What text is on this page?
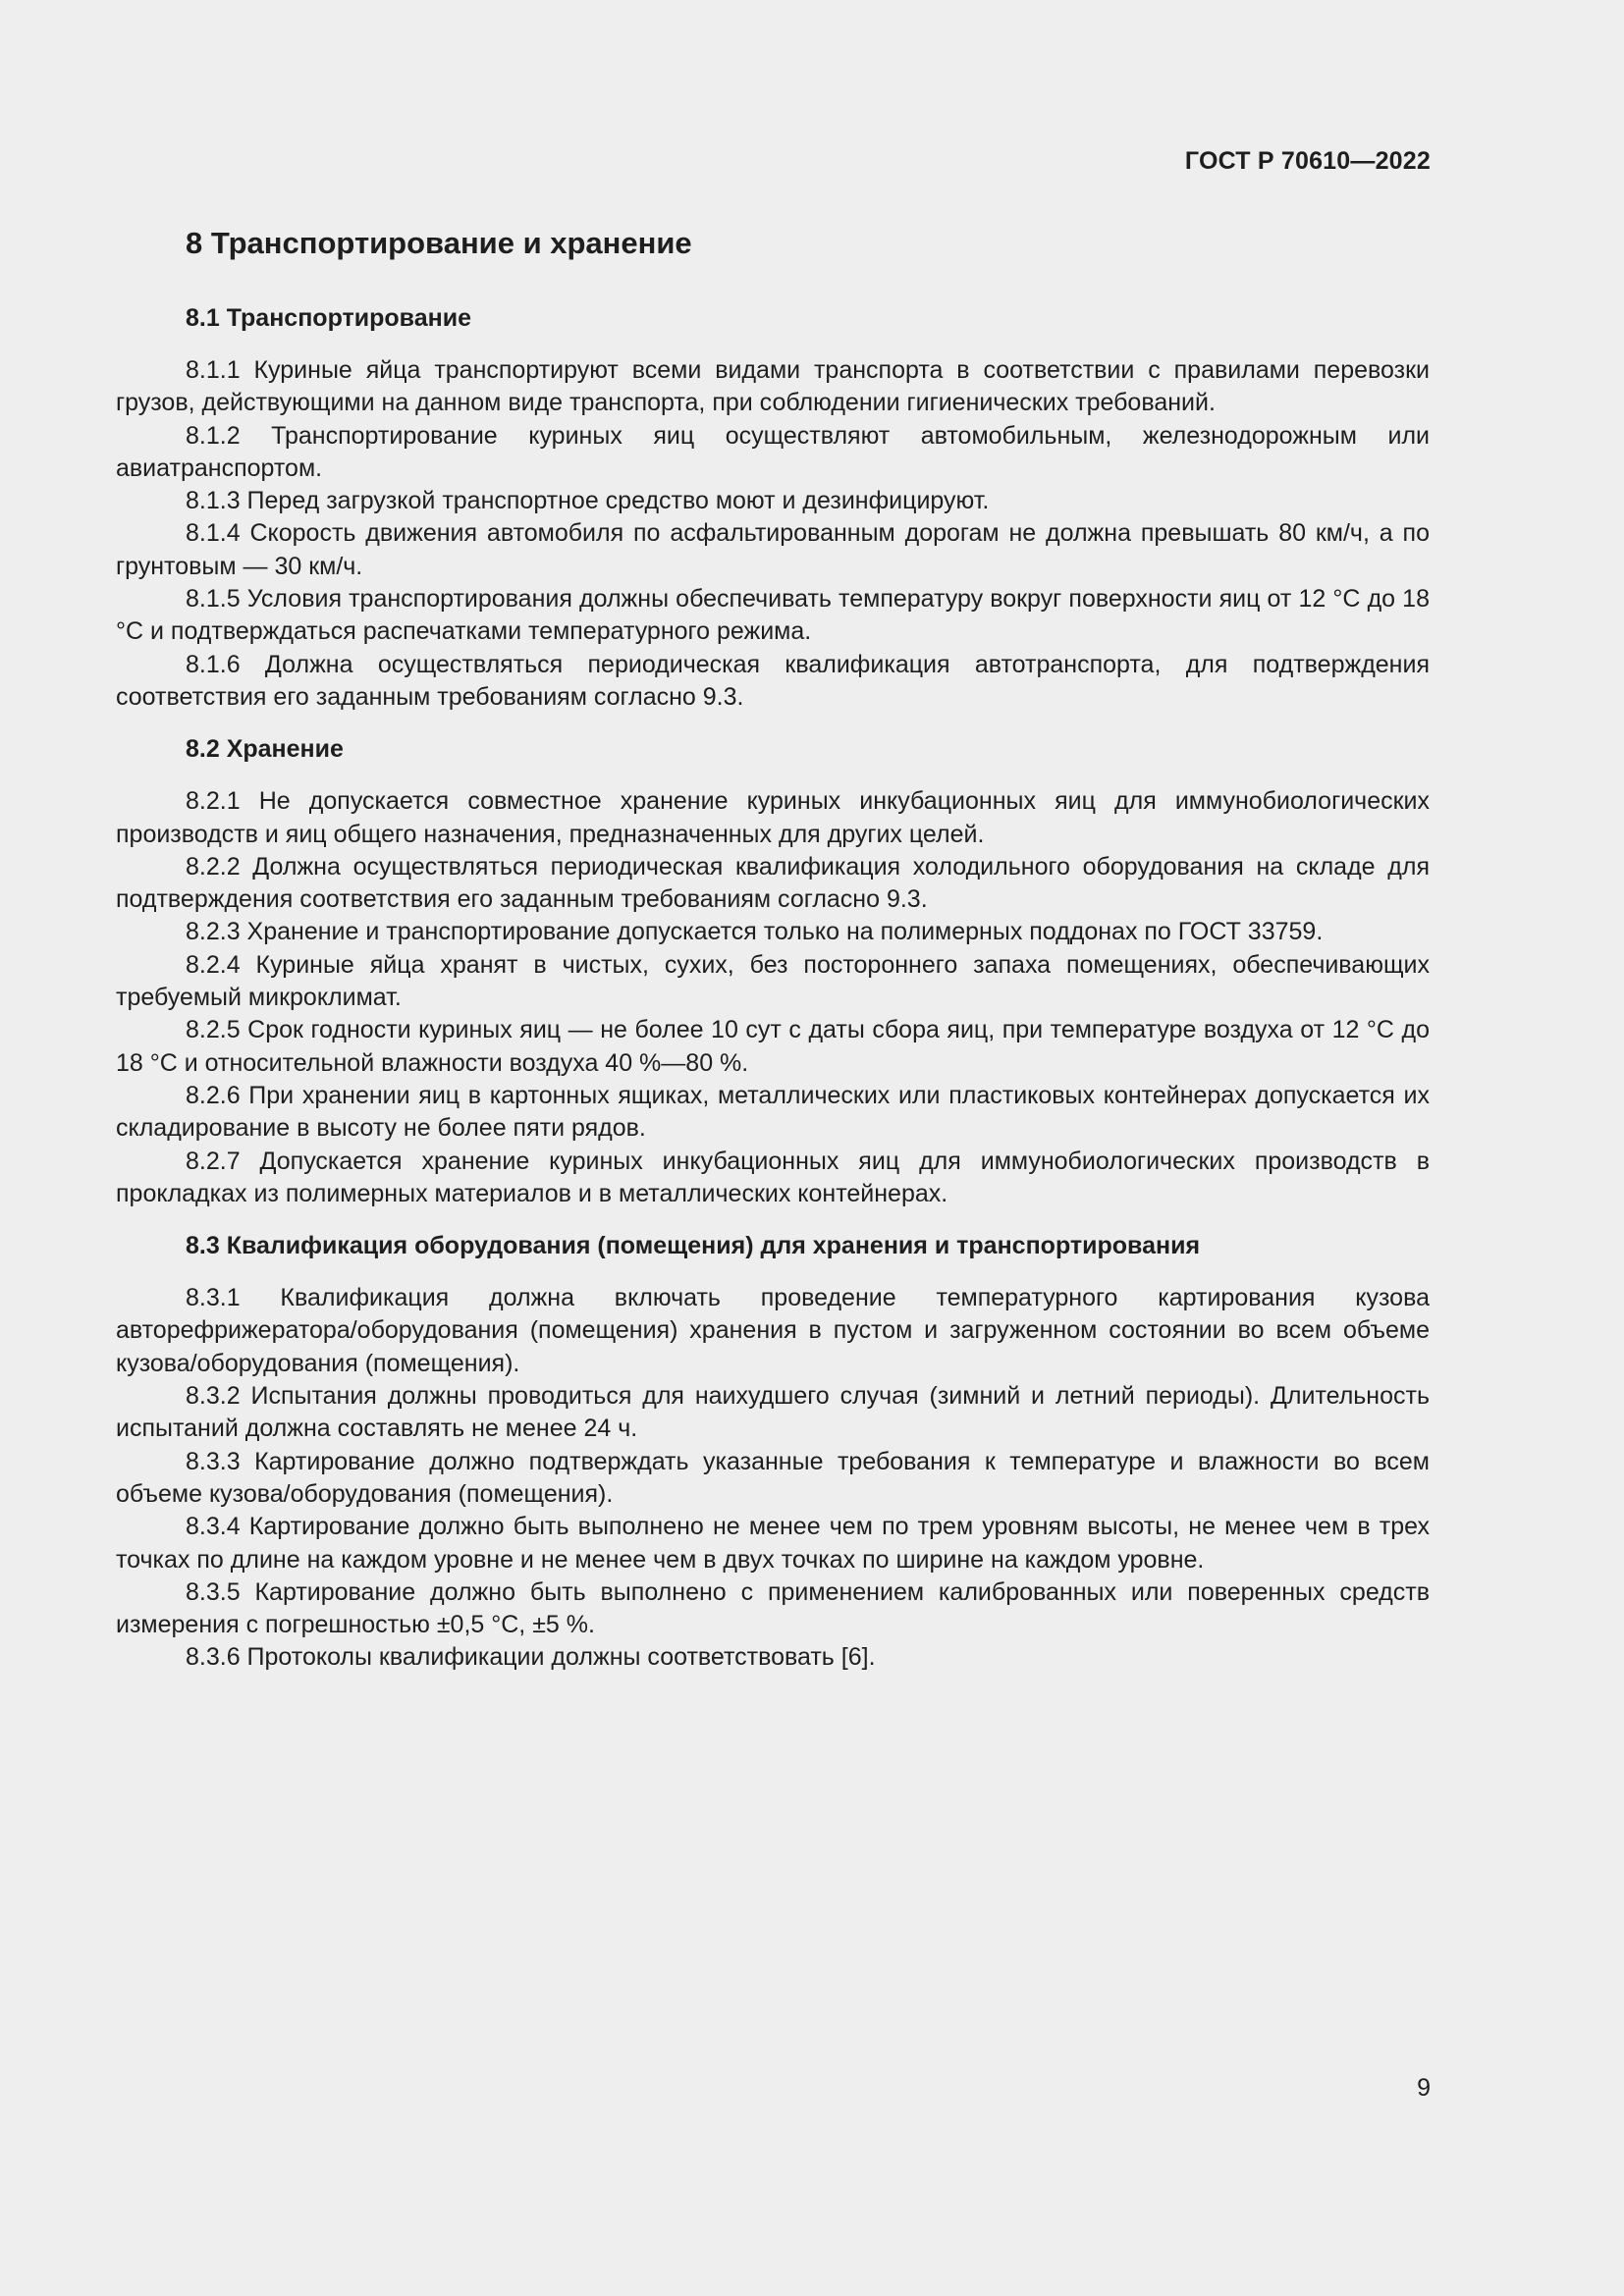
ГОСТ Р 70610—2022
8 Транспортирование и хранение
8.1 Транспортирование

8.1.1 Куриные яйца транспортируют всеми видами транспорта в соответствии с правилами перевозки грузов, действующими на данном виде транспорта, при соблюдении гигиенических требований.

8.1.2 Транспортирование куриных яиц осуществляют автомобильным, железнодорожным или авиатранспортом.

8.1.3 Перед загрузкой транспортное средство моют и дезинфицируют.

8.1.4 Скорость движения автомобиля по асфальтированным дорогам не должна превышать 80 км/ч, а по грунтовым — 30 км/ч.

8.1.5 Условия транспортирования должны обеспечивать температуру вокруг поверхности яиц от 12 °С до 18 °С и подтверждаться распечатками температурного режима.

8.1.6 Должна осуществляться периодическая квалификация автотранспорта, для подтверждения соответствия его заданным требованиям согласно 9.3.

8.2 Хранение

8.2.1 Не допускается совместное хранение куриных инкубационных яиц для иммунобиологических производств и яиц общего назначения, предназначенных для других целей.

8.2.2 Должна осуществляться периодическая квалификация холодильного оборудования на складе для подтверждения соответствия его заданным требованиям согласно 9.3.

8.2.3 Хранение и транспортирование допускается только на полимерных поддонах по ГОСТ 33759.

8.2.4 Куриные яйца хранят в чистых, сухих, без постороннего запаха помещениях, обеспечивающих требуемый микроклимат.

8.2.5 Срок годности куриных яиц — не более 10 сут с даты сбора яиц, при температуре воздуха от 12 °С до 18 °С и относительной влажности воздуха 40 %—80 %.

8.2.6 При хранении яиц в картонных ящиках, металлических или пластиковых контейнерах допускается их складирование в высоту не более пяти рядов.

8.2.7 Допускается хранение куриных инкубационных яиц для иммунобиологических производств в прокладках из полимерных материалов и в металлических контейнерах.

8.3 Квалификация оборудования (помещения) для хранения и транспортирования

8.3.1 Квалификация должна включать проведение температурного картирования кузова авторефрижератора/оборудования (помещения) хранения в пустом и загруженном состоянии во всем объеме кузова/оборудования (помещения).

8.3.2 Испытания должны проводиться для наихудшего случая (зимний и летний периоды). Длительность испытаний должна составлять не менее 24 ч.

8.3.3 Картирование должно подтверждать указанные требования к температуре и влажности во всем объеме кузова/оборудования (помещения).

8.3.4 Картирование должно быть выполнено не менее чем по трем уровням высоты, не менее чем в трех точках по длине на каждом уровне и не менее чем в двух точках по ширине на каждом уровне.

8.3.5 Картирование должно быть выполнено с применением калиброванных или поверенных средств измерения с погрешностью ±0,5 °С, ±5 %.

8.3.6 Протоколы квалификации должны соответствовать [6].

9
